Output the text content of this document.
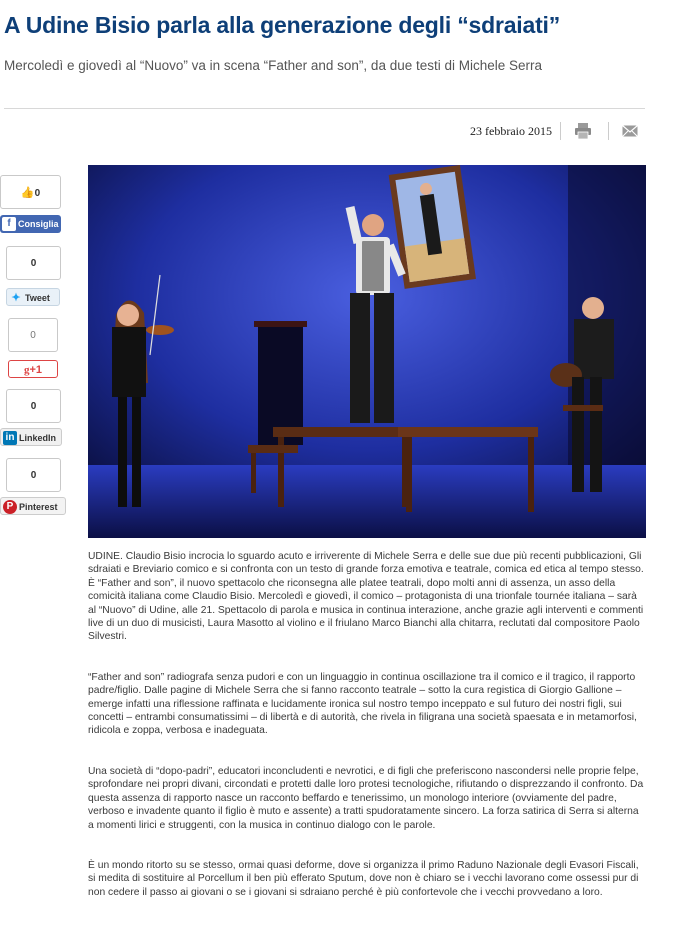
A Udine Bisio parla alla generazione degli “sdraiati”

Mercoledì e giovedì al “Nuovo” va in scena “Father and son”, da due testi di Michele Serra

23 febbraio 2015
👍0
f Consiglia
0
✦ Tweet
0
g+1
0
in LinkedIn
0
P Pinterest

UDINE. Claudio Bisio incrocia lo sguardo acuto e irriverente di Michele Serra e delle sue due più recenti pubblicazioni, Gli sdraiati e Breviario comico e si confronta con un testo di grande forza emotiva e teatrale, comica ed etica al tempo stesso. È “Father and son”, il nuovo spettacolo che riconsegna alle platee teatrali, dopo molti anni di assenza, un asso della comicità italiana come Claudio Bisio. Mercoledì e giovedì, il comico – protagonista di una trionfale tournée italiana – sarà al “Nuovo” di Udine, alle 21. Spettacolo di parola e musica in continua interazione, anche grazie agli interventi e commenti live di un duo di musicisti, Laura Masotto al violino e il friulano Marco Bianchi alla chitarra, reclutati dal compositore Paolo Silvestri.

“Father and son” radiografa senza pudori e con un linguaggio in continua oscillazione tra il comico e il tragico, il rapporto padre/figlio. Dalle pagine di Michele Serra che si fanno racconto teatrale – sotto la cura registica di Giorgio Gallione – emerge infatti una riflessione raffinata e lucidamente ironica sul nostro tempo inceppato e sul futuro dei nostri figli, sui concetti – entrambi consumatissimi – di libertà e di autorità, che rivela in filigrana una società spaesata e in metamorfosi, ridicola e zoppa, verbosa e inadeguata.

Una società di “dopo-padri”, educatori inconcludenti e nevrotici, e di figli che preferiscono nascondersi nelle proprie felpe, sprofondare nei propri divani, circondati e protetti dalle loro protesi tecnologiche, rifiutando o disprezzando il confronto. Da questa assenza di rapporto nasce un racconto beffardo e tenerissimo, un monologo interiore (ovviamente del padre, verboso e invadente quanto il figlio è muto e assente) a tratti spudoratamente sincero. La forza satirica di Serra si alterna a momenti lirici e struggenti, con la musica in continuo dialogo con le parole.

È un mondo ritorto su se stesso, ormai quasi deforme, dove si organizza il primo Raduno Nazionale degli Evasori Fiscali, si medita di sostituire al Porcellum il ben più efferato Sputum, dove non è chiaro se i vecchi lavorano come ossessi pur di non cedere il passo ai giovani o se i giovani si sdraiano perché è più confortevole che i vecchi provvedano a loro.
